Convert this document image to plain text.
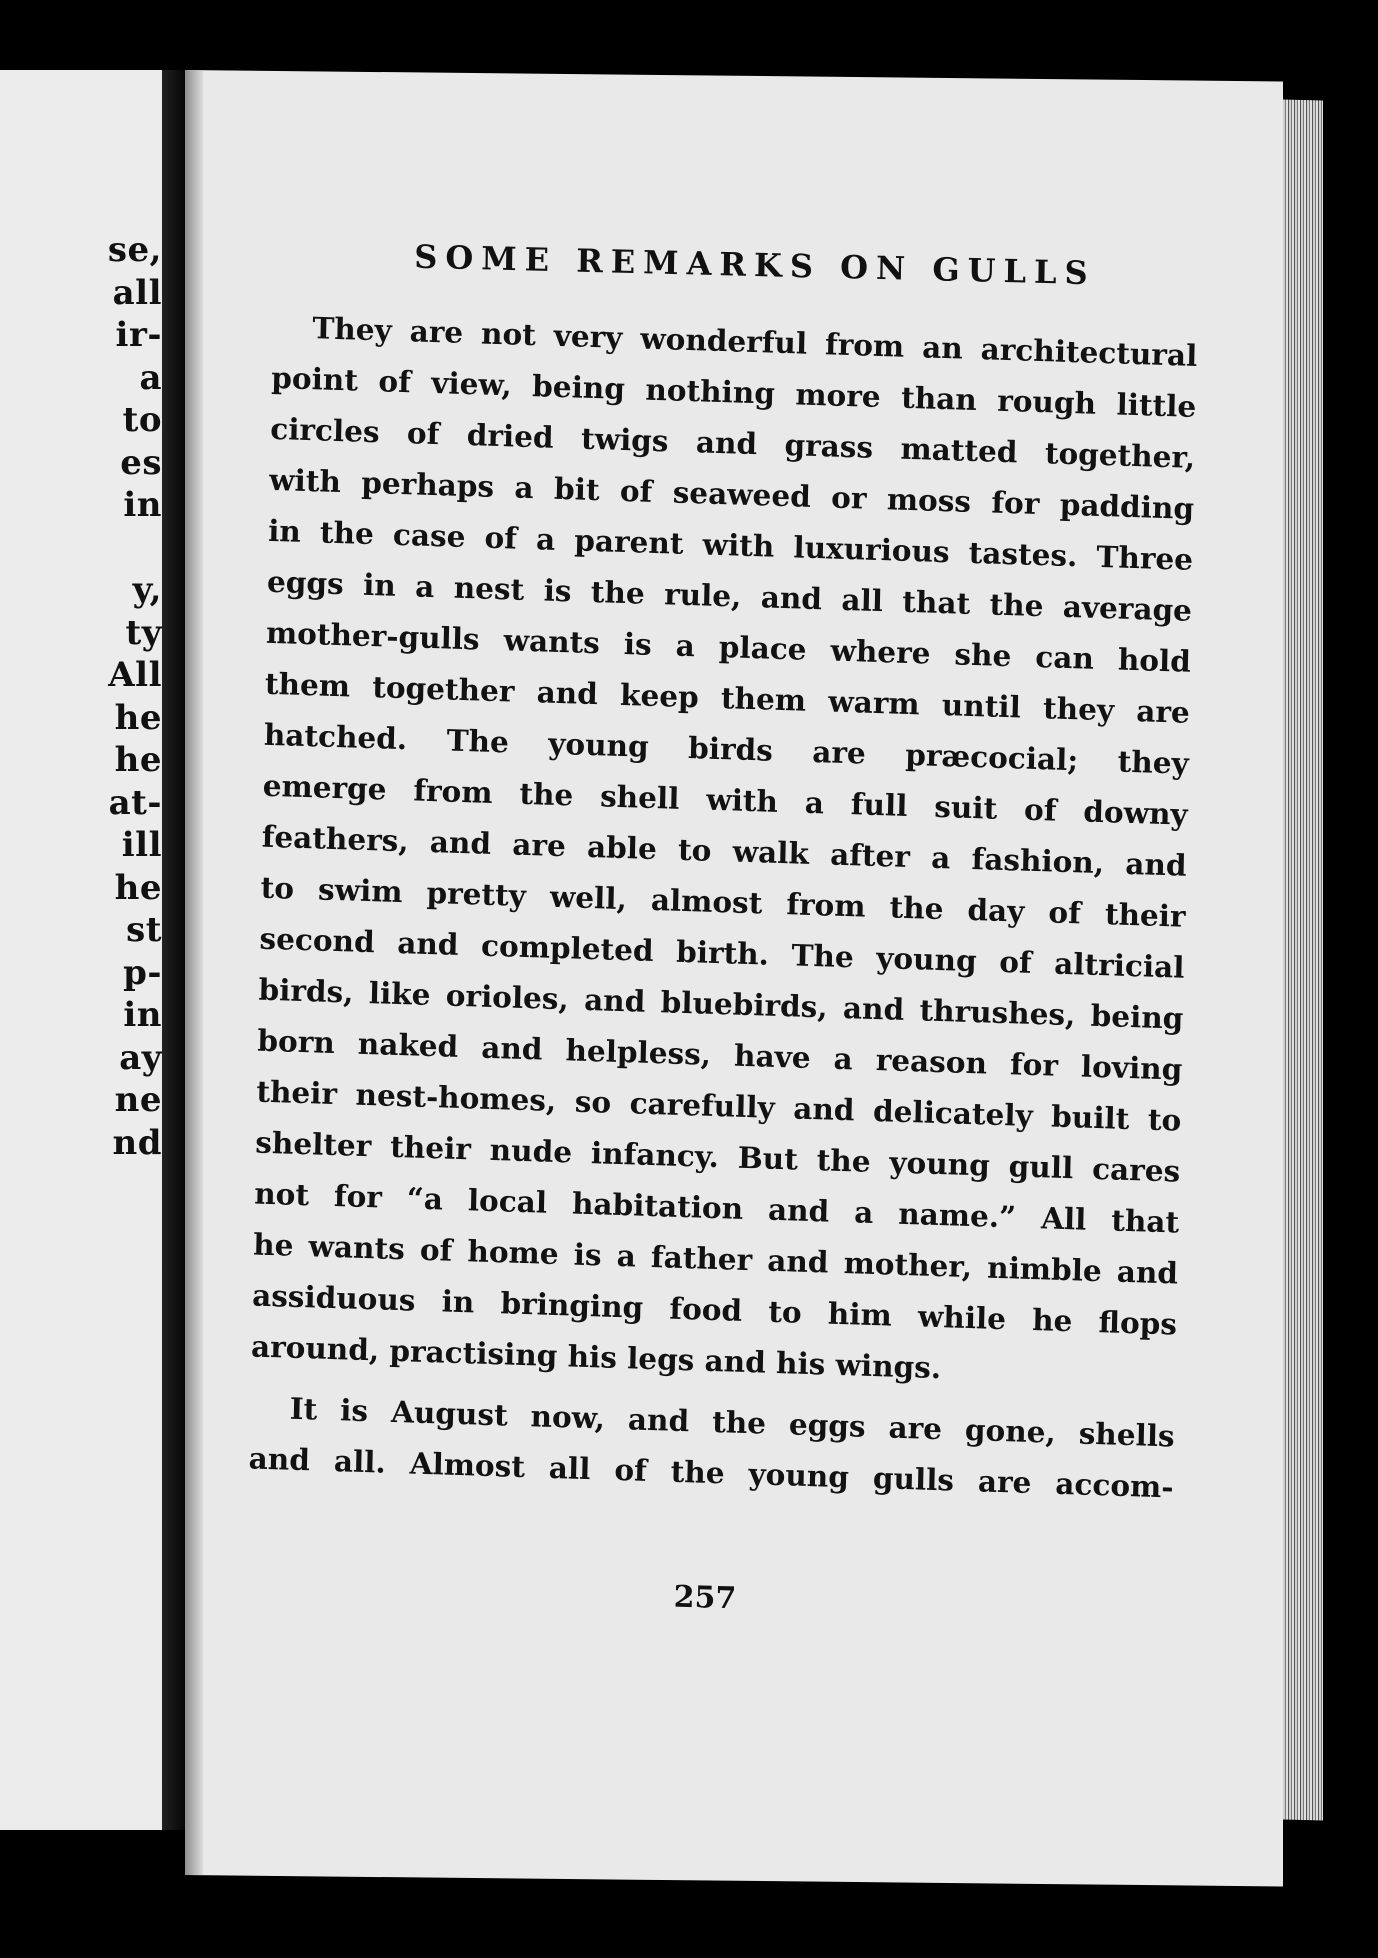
se,
all
ir-
a
to
es
in
y,
ty
All
he
he
at-
ill
he
st
p-
in
ay
ne
nd
SOME REMARKS ON GULLS
They are not very wonderful from an architectural
point of view, being nothing more than rough little
circles of dried twigs and grass matted together,
with perhaps a bit of seaweed or moss for padding
in the case of a parent with luxurious tastes. Three
eggs in a nest is the rule, and all that the average
mother-gulls wants is a place where she can hold
them together and keep them warm until they are
hatched. The young birds are præcocial; they
emerge from the shell with a full suit of downy
feathers, and are able to walk after a fashion, and
to swim pretty well, almost from the day of their
second and completed birth. The young of altricial
birds, like orioles, and bluebirds, and thrushes, being
born naked and helpless, have a reason for loving
their nest-homes, so carefully and delicately built to
shelter their nude infancy. But the young gull cares
not for “a local habitation and a name.” All that
he wants of home is a father and mother, nimble and
assiduous in bringing food to him while he flops
around, practising his legs and his wings.
It is August now, and the eggs are gone, shells
and all. Almost all of the young gulls are accom-
257
